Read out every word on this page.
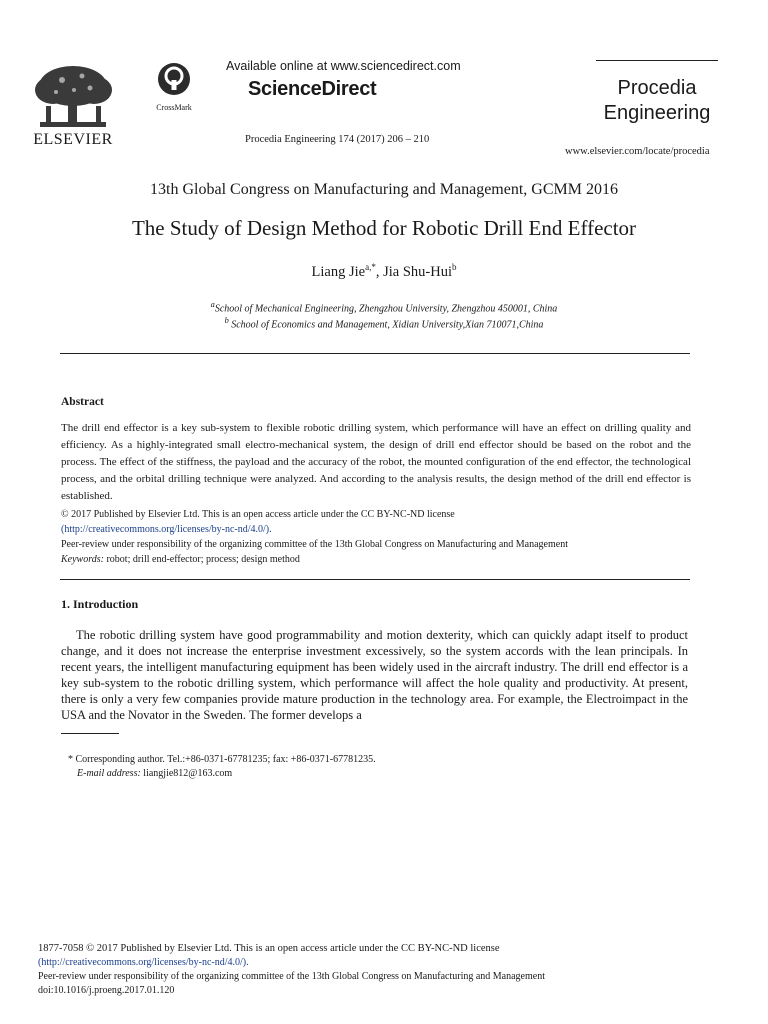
ELSEVIER
CrossMark
Available online at www.sciencedirect.com
ScienceDirect
Procedia Engineering 174 (2017) 206 – 210
Procedia
Engineering
www.elsevier.com/locate/procedia
13th Global Congress on Manufacturing and Management, GCMM 2016
The Study of Design Method for Robotic Drill End Effector
Liang Jie$^{a,*}$, Jia Shu-Hui$^b$
$^a$School of Mechanical Engineering, Zhengzhou University, Zhengzhou 450001, China
$^b$ School of Economics and Management, Xidian University,Xian 710071,China
Abstract
The drill end effector is a key sub-system to flexible robotic drilling system, which performance will have an effect on drilling quality and efficiency. As a highly-integrated small electro-mechanical system, the design of drill end effector should be based on the robot and the process. The effect of the stiffness, the payload and the accuracy of the robot, the mounted configuration of the end effector, the technological process, and the orbital drilling technique were analyzed. And according to the analysis results, the design method of the drill end effector is established.
© 2017 Published by Elsevier Ltd. This is an open access article under the CC BY-NC-ND license
(http://creativecommons.org/licenses/by-nc-nd/4.0/).
Peer-review under responsibility of the organizing committee of the 13th Global Congress on Manufacturing and Management
Keywords: robot; drill end-effector; process; design method
1. Introduction
The robotic drilling system have good programmability and motion dexterity, which can quickly adapt itself to product change, and it does not increase the enterprise investment excessively, so the system accords with the lean principals. In recent years, the intelligent manufacturing equipment has been widely used in the aircraft industry. The drill end effector is a key sub-system to the robotic drilling system, which performance will affect the hole quality and productivity. At present, there is only a very few companies provide mature production in the technology area. For example, the Electroimpact in the USA and the Novator in the Sweden. The former develops a
* Corresponding author. Tel.:+86-0371-67781235; fax: +86-0371-67781235.
E-mail address: liangjie812@163.com
1877-7058 © 2017 Published by Elsevier Ltd. This is an open access article under the CC BY-NC-ND license
(http://creativecommons.org/licenses/by-nc-nd/4.0/).
Peer-review under responsibility of the organizing committee of the 13th Global Congress on Manufacturing and Management
doi:10.1016/j.proeng.2017.01.120
